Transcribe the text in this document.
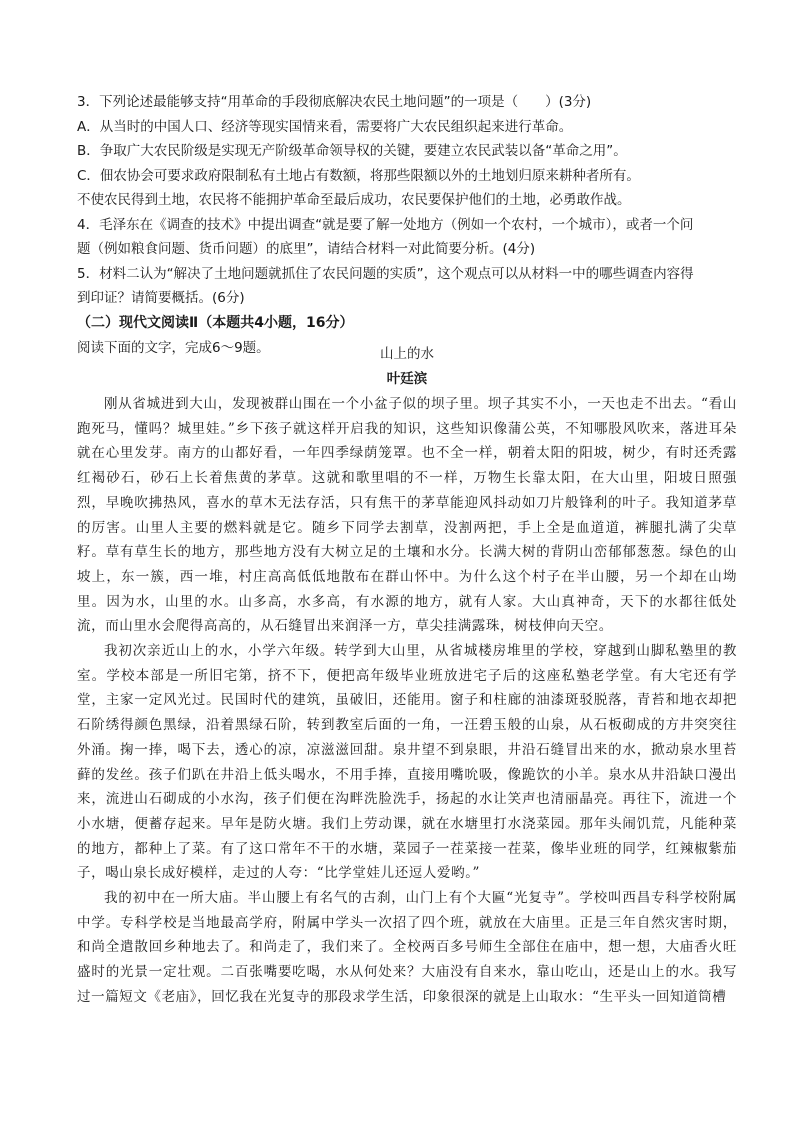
3．下列论述最能够支持“用革命的手段彻底解决农民土地问题”的一项是（　　）(3分)

A．从当时的中国人口、经济等现实国情来看，需要将广大农民组织起来进行革命。

B．争取广大农民阶级是实现无产阶级革命领导权的关键，要建立农民武装以备“革命之用”。

C．佃农协会可要求政府限制私有土地占有数额，将那些限额以外的土地划归原来耕种者所有。

不使农民得到土地，农民将不能拥护革命至最后成功，农民要保护他们的土地，必勇敢作战。

4．毛泽东在《调查的技术》中提出调查“就是要了解一处地方（例如一个农村，一个城市），或者一个问

题（例如粮食问题、货币问题）的底里”，请结合材料一对此简要分析。(4分)

5．材料二认为“解决了土地问题就抓住了农民问题的实质”，这个观点可以从材料一中的哪些调查内容得

到印证？请简要概括。(6分)

（二）现代文阅读Ⅱ（本题共4小题，16分）

阅读下面的文字，完成6～9题。	山上的水

叶廷滨

刚从省城进到大山，发现被群山围在一个小盆子似的坝子里。坝子其实不小，一天也走不出去。“看山跑死马，懂吗？城里娃。”乡下孩子就这样开启我的知识，这些知识像蒲公英，不知哪股风吹来，落进耳朵就在心里发芽。南方的山都好看，一年四季绿荫笼罩。也不全一样，朝着太阳的阳坡，树少，有时还秃露红褐砂石，砂石上长着焦黄的茅草。这就和歌里唱的不一样，万物生长靠太阳，在大山里，阳坡日照强烈，早晚吹拂热风，喜水的草木无法存活，只有焦干的茅草能迎风抖动如刀片般锋利的叶子。我知道茅草的厉害。山里人主要的燃料就是它。随乡下同学去割草，没割两把，手上全是血道道，裤腿扎满了尖草籽。草有草生长的地方，那些地方没有大树立足的土壤和水分。长满大树的背阴山峦郁郁葱葱。绿色的山坡上，东一簇，西一堆，村庄高高低低地散布在群山怀中。为什么这个村子在半山腰，另一个却在山坳里。因为水，山里的水。山多高，水多高，有水源的地方，就有人家。大山真神奇，天下的水都往低处流，而山里水会爬得高高的，从石缝冒出来润泽一方，草尖挂满露珠，树枝伸向天空。

我初次亲近山上的水，小学六年级。转学到大山里，从省城楼房堆里的学校，穿越到山脚私塾里的教室。学校本部是一所旧宅第，挤不下，便把高年级毕业班放进宅子后的这座私塾老学堂。有大宅还有学堂，主家一定风光过。民国时代的建筑，虽破旧，还能用。窗子和柱廊的油漆斑驳脱落，青苔和地衣却把石阶绣得颜色黑绿，沿着黑绿石阶，转到教室后面的一角，一汪碧玉般的山泉，从石板砌成的方井突突往外涌。掬一捧，喝下去，透心的凉，凉滋滋回甜。泉井望不到泉眼，井沿石缝冒出来的水，掀动泉水里苔藓的发丝。孩子们趴在井沿上低头喝水，不用手捧，直接用嘴吮吸，像跪饮的小羊。泉水从井沿缺口漫出来，流进山石砌成的小水沟，孩子们便在沟畔洗脸洗手，扬起的水让笑声也清丽晶亮。再往下，流进一个小水塘，便蓄存起来。早年是防火塘。我们上劳动课，就在水塘里打水浇菜园。那年头闹饥荒，凡能种菜的地方，都种上了菜。有了这口常年不干的水塘，菜园子一茬菜接一茬菜，像毕业班的同学，红辣椒紫茄子，喝山泉长成好模样，走过的人夸：“比学堂娃儿还逗人爱哟。”

我的初中在一所大庙。半山腰上有名气的古刹，山门上有个大匾“光复寺”。学校叫西昌专科学校附属中学。专科学校是当地最高学府，附属中学头一次招了四个班，就放在大庙里。正是三年自然灾害时期，和尚全遣散回乡种地去了。和尚走了，我们来了。全校两百多号师生全部住在庙中，想一想，大庙香火旺盛时的光景一定壮观。二百张嘴要吃喝，水从何处来？大庙没有自来水，靠山吃山，还是山上的水。我写过一篇短文《老庙》，回忆我在光复寺的那段求学生活，印象很深的就是上山取水：“生平头一回知道筒槽
